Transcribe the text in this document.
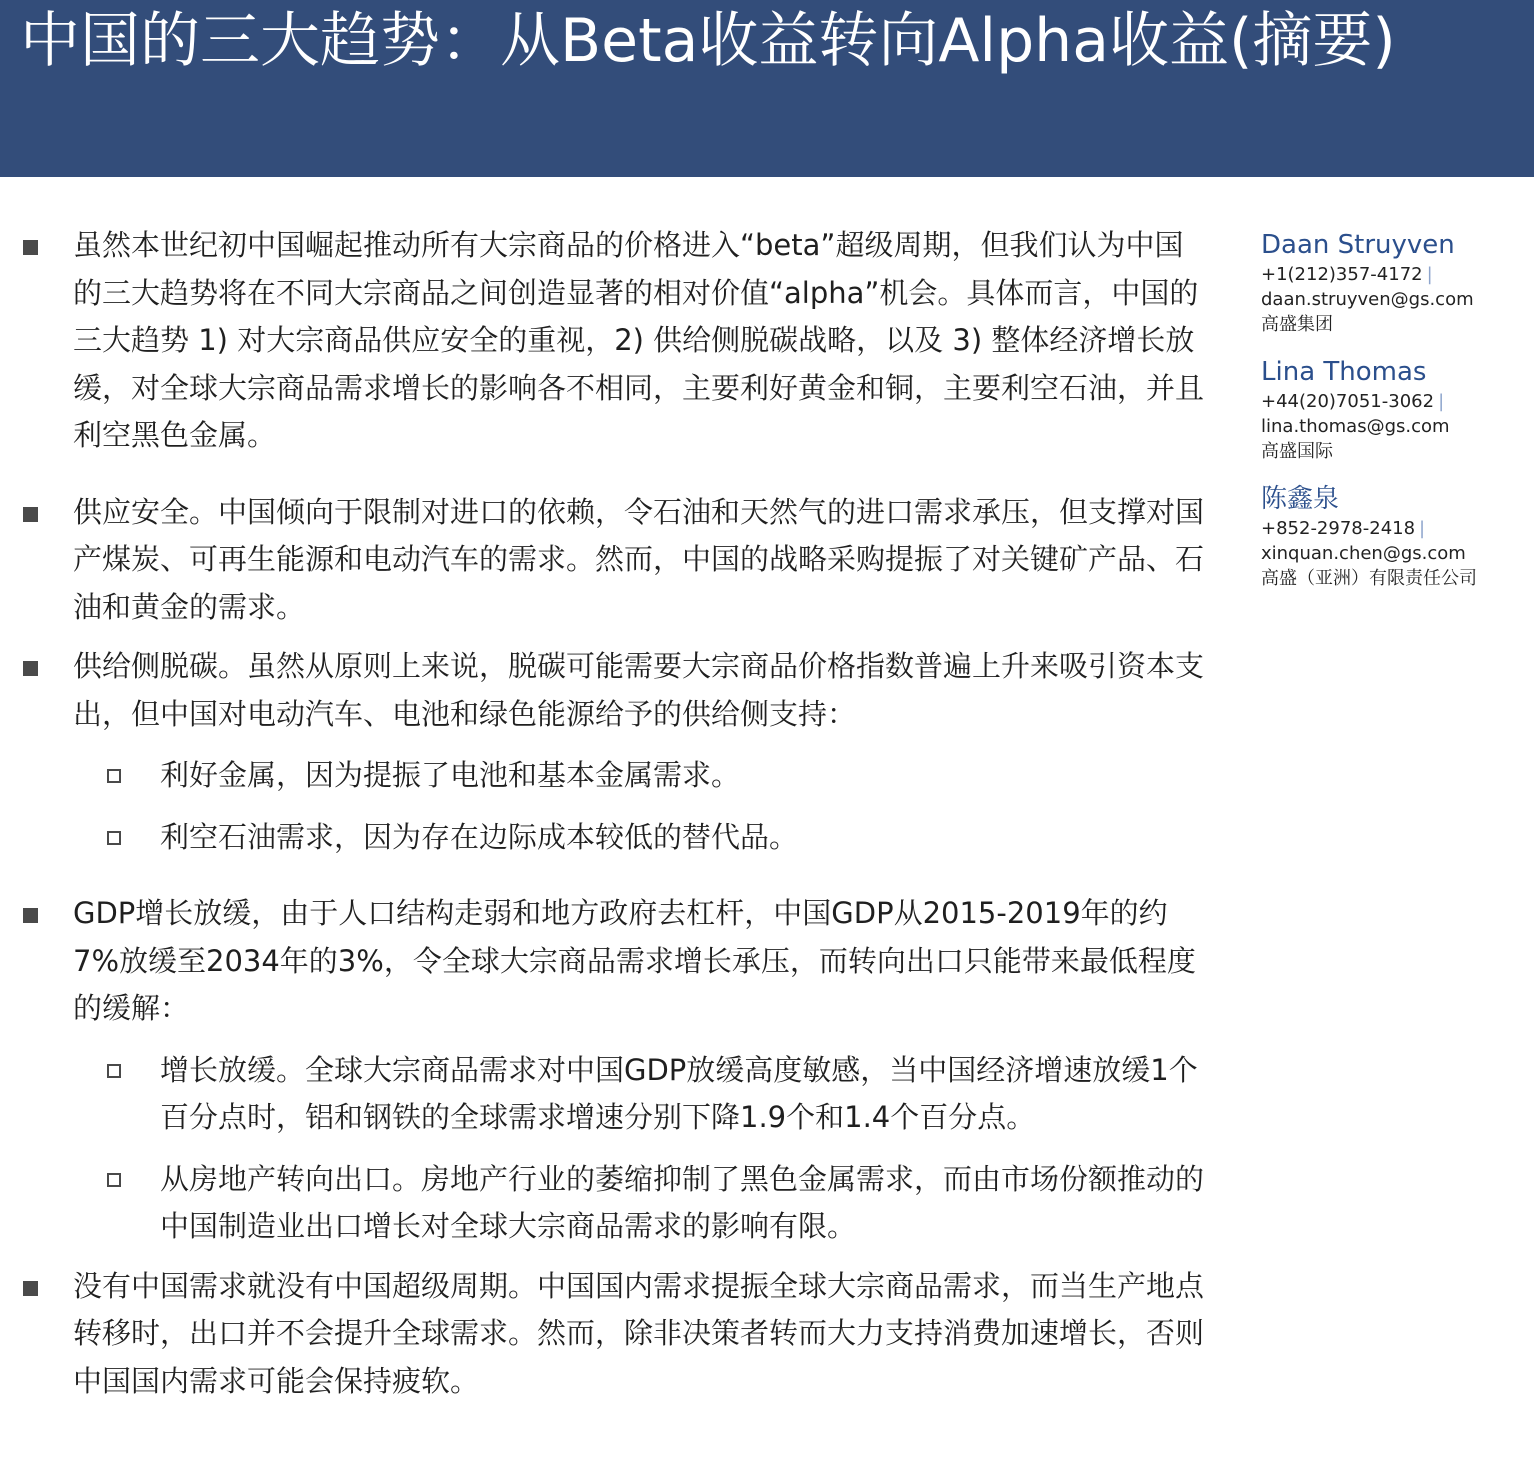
中国的三大趋势：从Beta收益转向Alpha收益(摘要)
虽然本世纪初中国崛起推动所有大宗商品的价格进入“beta”超级周期，但我们认为中国的三大趋势将在不同大宗商品之间创造显著的相对价值“alpha”机会。具体而言，中国的三大趋势 1) 对大宗商品供应安全的重视，2) 供给侧脱碳战略，以及 3) 整体经济增长放缓，对全球大宗商品需求增长的影响各不相同，主要利好黄金和铜，主要利空石油，并且利空黑色金属。
供应安全。中国倾向于限制对进口的依赖，令石油和天然气的进口需求承压，但支撑对国产煤炭、可再生能源和电动汽车的需求。然而，中国的战略采购提振了对关键矿产品、石油和黄金的需求。
供给侧脱碳。虽然从原则上来说，脱碳可能需要大宗商品价格指数普遍上升来吸引资本支出，但中国对电动汽车、电池和绿色能源给予的供给侧支持：
利好金属，因为提振了电池和基本金属需求。
利空石油需求，因为存在边际成本较低的替代品。
GDP增长放缓，由于人口结构走弱和地方政府去杠杆，中国GDP从2015-2019年的约7%放缓至2034年的3%，令全球大宗商品需求增长承压，而转向出口只能带来最低程度的缓解：
增长放缓。全球大宗商品需求对中国GDP放缓高度敏感，当中国经济增速放缓1个百分点时，铝和钢铁的全球需求增速分别下降1.9个和1.4个百分点。
从房地产转向出口。房地产行业的萎缩抑制了黑色金属需求，而由市场份额推动的中国制造业出口增长对全球大宗商品需求的影响有限。
没有中国需求就没有中国超级周期。中国国内需求提振全球大宗商品需求，而当生产地点转移时，出口并不会提升全球需求。然而，除非决策者转而大力支持消费加速增长，否则中国国内需求可能会保持疲软。
Daan Struyven
+1(212)357-4172 |
daan.struyven@gs.com
高盛集团
Lina Thomas
+44(20)7051-3062 |
lina.thomas@gs.com
高盛国际
陈鑫泉
+852-2978-2418 |
xinquan.chen@gs.com
高盛（亚洲）有限责任公司
